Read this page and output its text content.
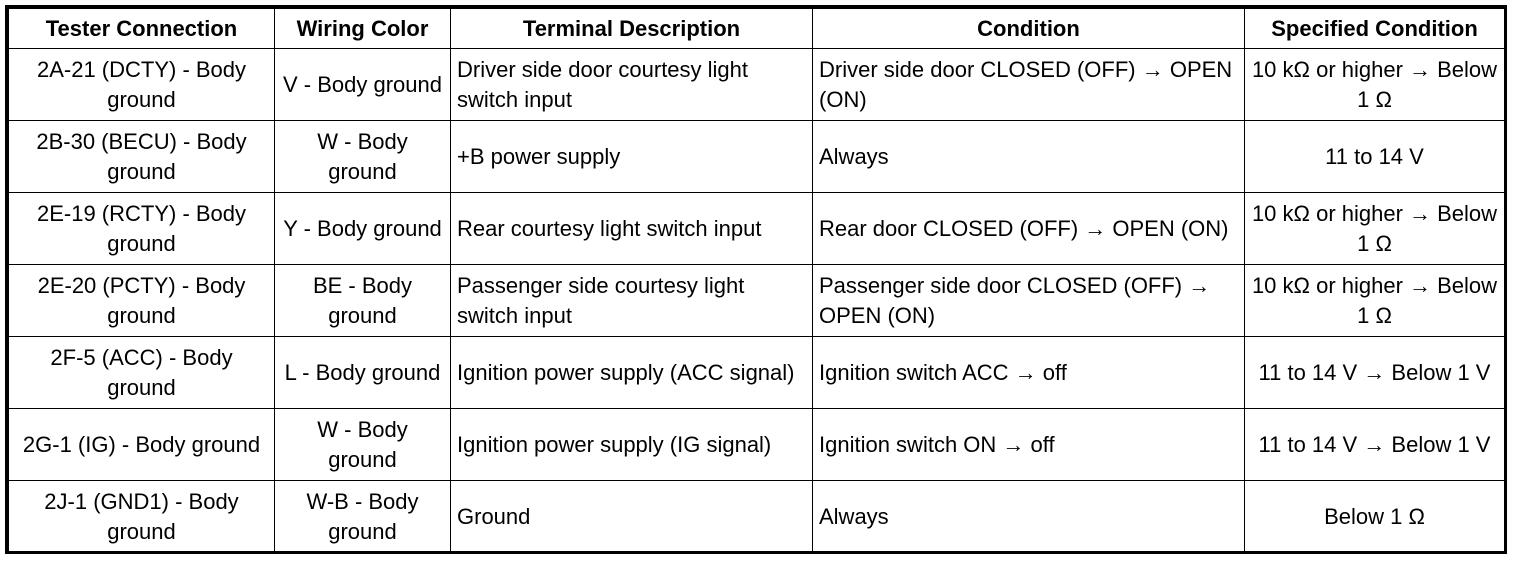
Tester Connection	Wiring Color	Terminal Description	Condition	Specified Condition
2A-21 (DCTY) - Body ground	V - Body ground	Driver side door courtesy light switch input	Driver side door CLOSED (OFF) → OPEN (ON)	10 kΩ or higher → Below 1 Ω
2B-30 (BECU) - Body ground	W - Body ground	+B power supply	Always	11 to 14 V
2E-19 (RCTY) - Body ground	Y - Body ground	Rear courtesy light switch input	Rear door CLOSED (OFF) → OPEN (ON)	10 kΩ or higher → Below 1 Ω
2E-20 (PCTY) - Body ground	BE - Body ground	Passenger side courtesy light switch input	Passenger side door CLOSED (OFF) → OPEN (ON)	10 kΩ or higher → Below 1 Ω
2F-5 (ACC) - Body ground	L - Body ground	Ignition power supply (ACC signal)	Ignition switch ACC → off	11 to 14 V → Below 1 V
2G-1 (IG) - Body ground	W - Body ground	Ignition power supply (IG signal)	Ignition switch ON → off	11 to 14 V → Below 1 V
2J-1 (GND1) - Body ground	W-B - Body ground	Ground	Always	Below 1 Ω
